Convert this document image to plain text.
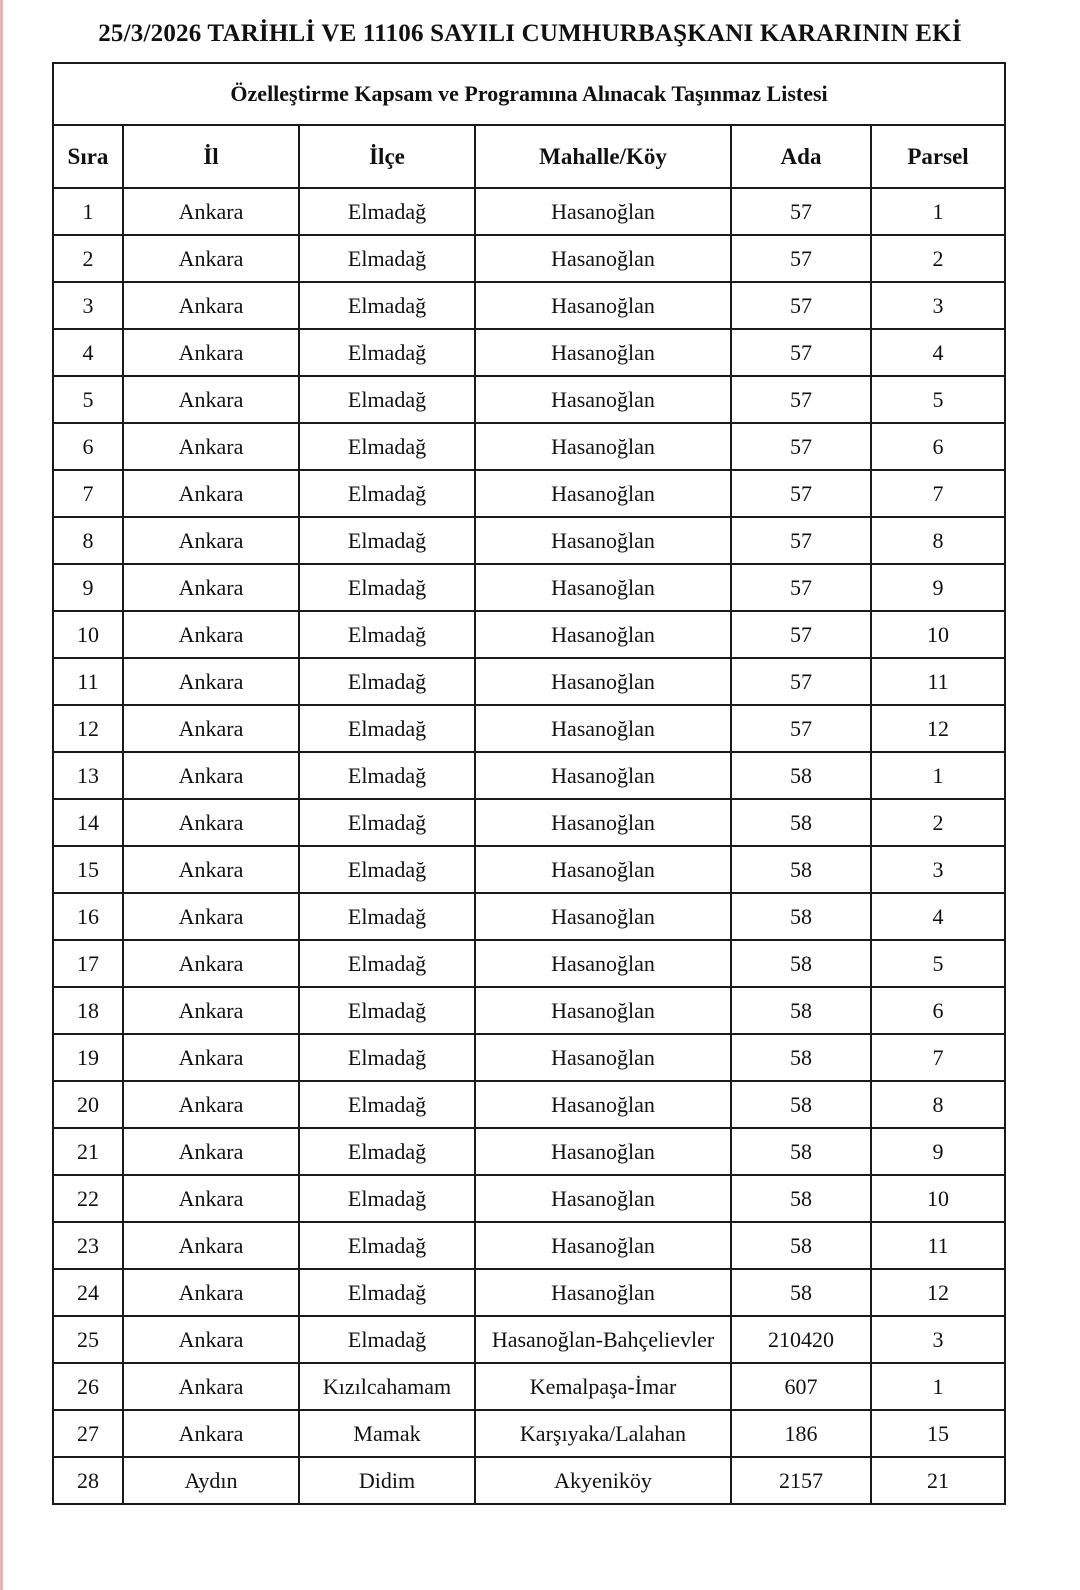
25/3/2026 TARİHLİ VE 11106 SAYILI CUMHURBAŞKANI KARARININ EKİ
Özelleştirme Kapsam ve Programına Alınacak Taşınmaz Listesi					
Sıra	İl	İlçe	Mahalle/Köy	Ada	Parsel
1	Ankara	Elmadağ	Hasanoğlan	57	1
2	Ankara	Elmadağ	Hasanoğlan	57	2
3	Ankara	Elmadağ	Hasanoğlan	57	3
4	Ankara	Elmadağ	Hasanoğlan	57	4
5	Ankara	Elmadağ	Hasanoğlan	57	5
6	Ankara	Elmadağ	Hasanoğlan	57	6
7	Ankara	Elmadağ	Hasanoğlan	57	7
8	Ankara	Elmadağ	Hasanoğlan	57	8
9	Ankara	Elmadağ	Hasanoğlan	57	9
10	Ankara	Elmadağ	Hasanoğlan	57	10
11	Ankara	Elmadağ	Hasanoğlan	57	11
12	Ankara	Elmadağ	Hasanoğlan	57	12
13	Ankara	Elmadağ	Hasanoğlan	58	1
14	Ankara	Elmadağ	Hasanoğlan	58	2
15	Ankara	Elmadağ	Hasanoğlan	58	3
16	Ankara	Elmadağ	Hasanoğlan	58	4
17	Ankara	Elmadağ	Hasanoğlan	58	5
18	Ankara	Elmadağ	Hasanoğlan	58	6
19	Ankara	Elmadağ	Hasanoğlan	58	7
20	Ankara	Elmadağ	Hasanoğlan	58	8
21	Ankara	Elmadağ	Hasanoğlan	58	9
22	Ankara	Elmadağ	Hasanoğlan	58	10
23	Ankara	Elmadağ	Hasanoğlan	58	11
24	Ankara	Elmadağ	Hasanoğlan	58	12
25	Ankara	Elmadağ	Hasanoğlan-Bahçelievler	210420	3
26	Ankara	Kızılcahamam	Kemalpaşa-İmar	607	1
27	Ankara	Mamak	Karşıyaka/Lalahan	186	15
28	Aydın	Didim	Akyeniköy	2157	21
